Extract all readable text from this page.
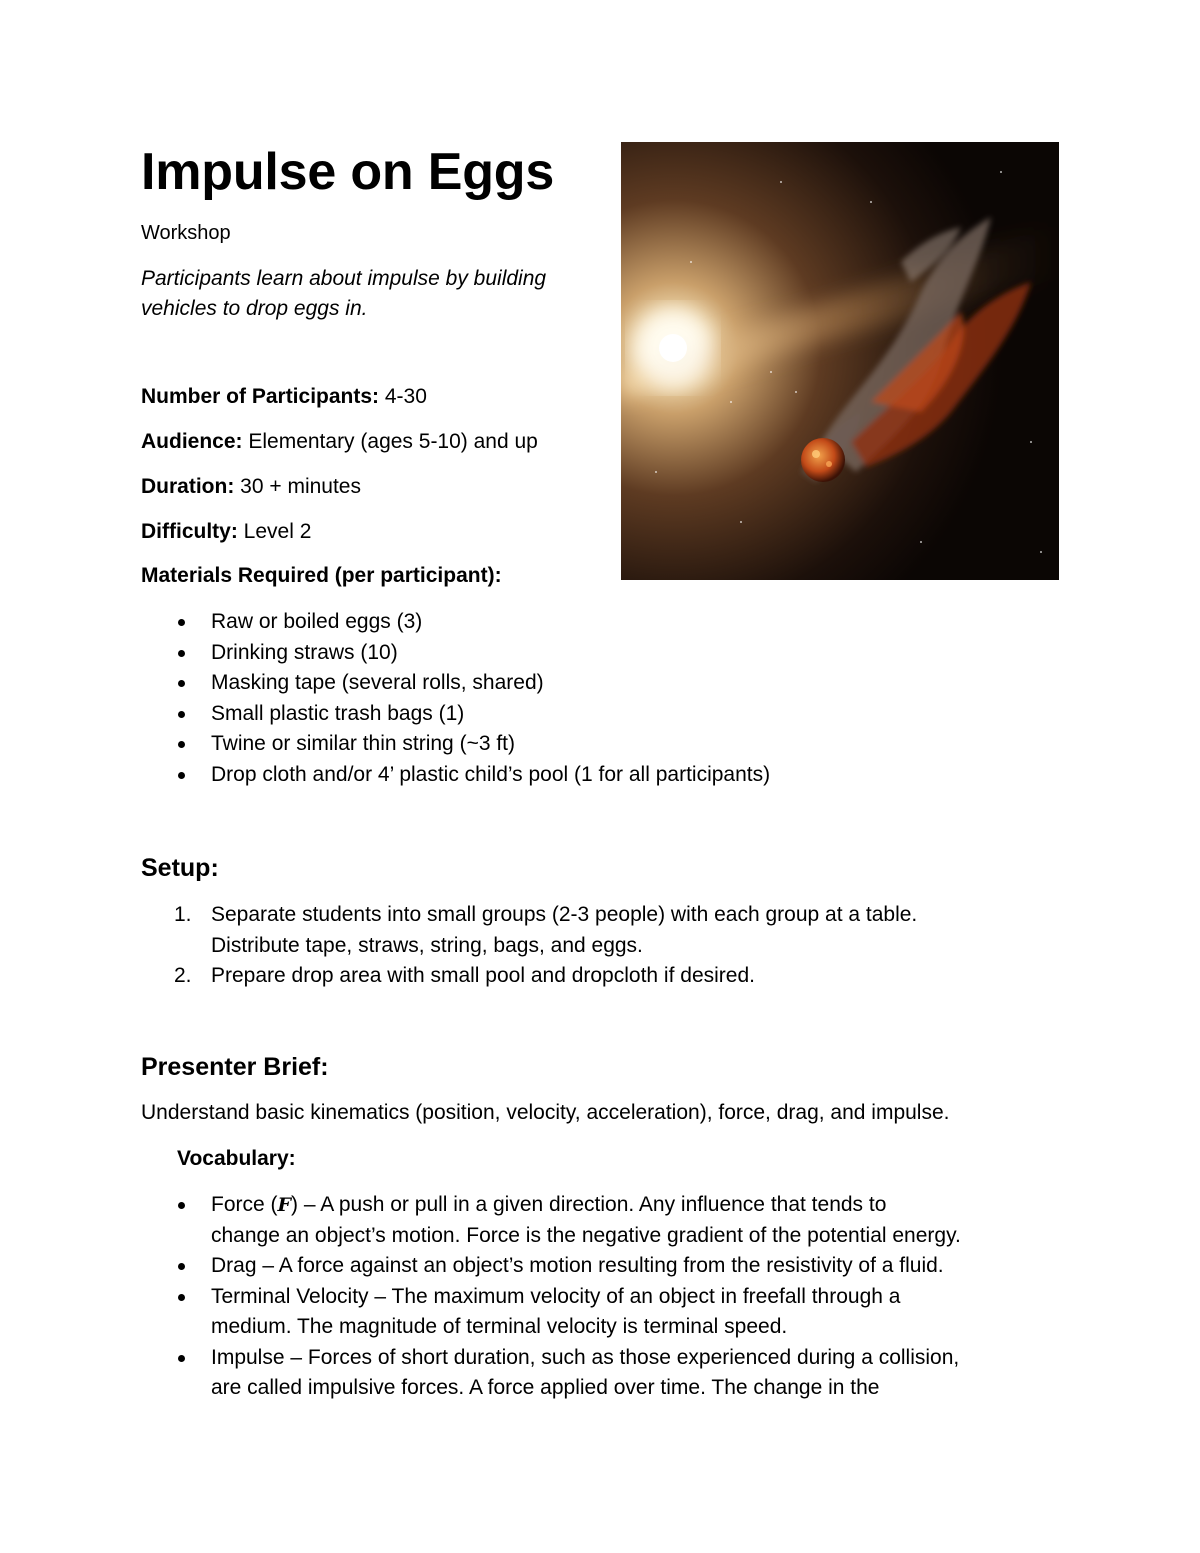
Impulse on Eggs
Workshop
Participants learn about impulse by building
vehicles to drop eggs in.
Number of Participants: 4-30
Audience: Elementary (ages 5-10) and up
Duration: 30 + minutes
Difficulty: Level 2
Materials Required (per participant):
Raw or boiled eggs (3)
Drinking straws (10)
Masking tape (several rolls, shared)
Small plastic trash bags (1)
Twine or similar thin string (~3 ft)
Drop cloth and/or 4’ plastic child’s pool (1 for all participants)
Setup:
1. Separate students into small groups (2-3 people) with each group at a table.
Distribute tape, straws, string, bags, and eggs.
2. Prepare drop area with small pool and dropcloth if desired.
Presenter Brief:
Understand basic kinematics (position, velocity, acceleration), force, drag, and impulse.
Vocabulary:
Force (F) – A push or pull in a given direction. Any influence that tends to
change an object’s motion. Force is the negative gradient of the potential energy.
Drag – A force against an object’s motion resulting from the resistivity of a fluid.
Terminal Velocity – The maximum velocity of an object in freefall through a
medium. The magnitude of terminal velocity is terminal speed.
Impulse – Forces of short duration, such as those experienced during a collision,
are called impulsive forces. A force applied over time. The change in the
